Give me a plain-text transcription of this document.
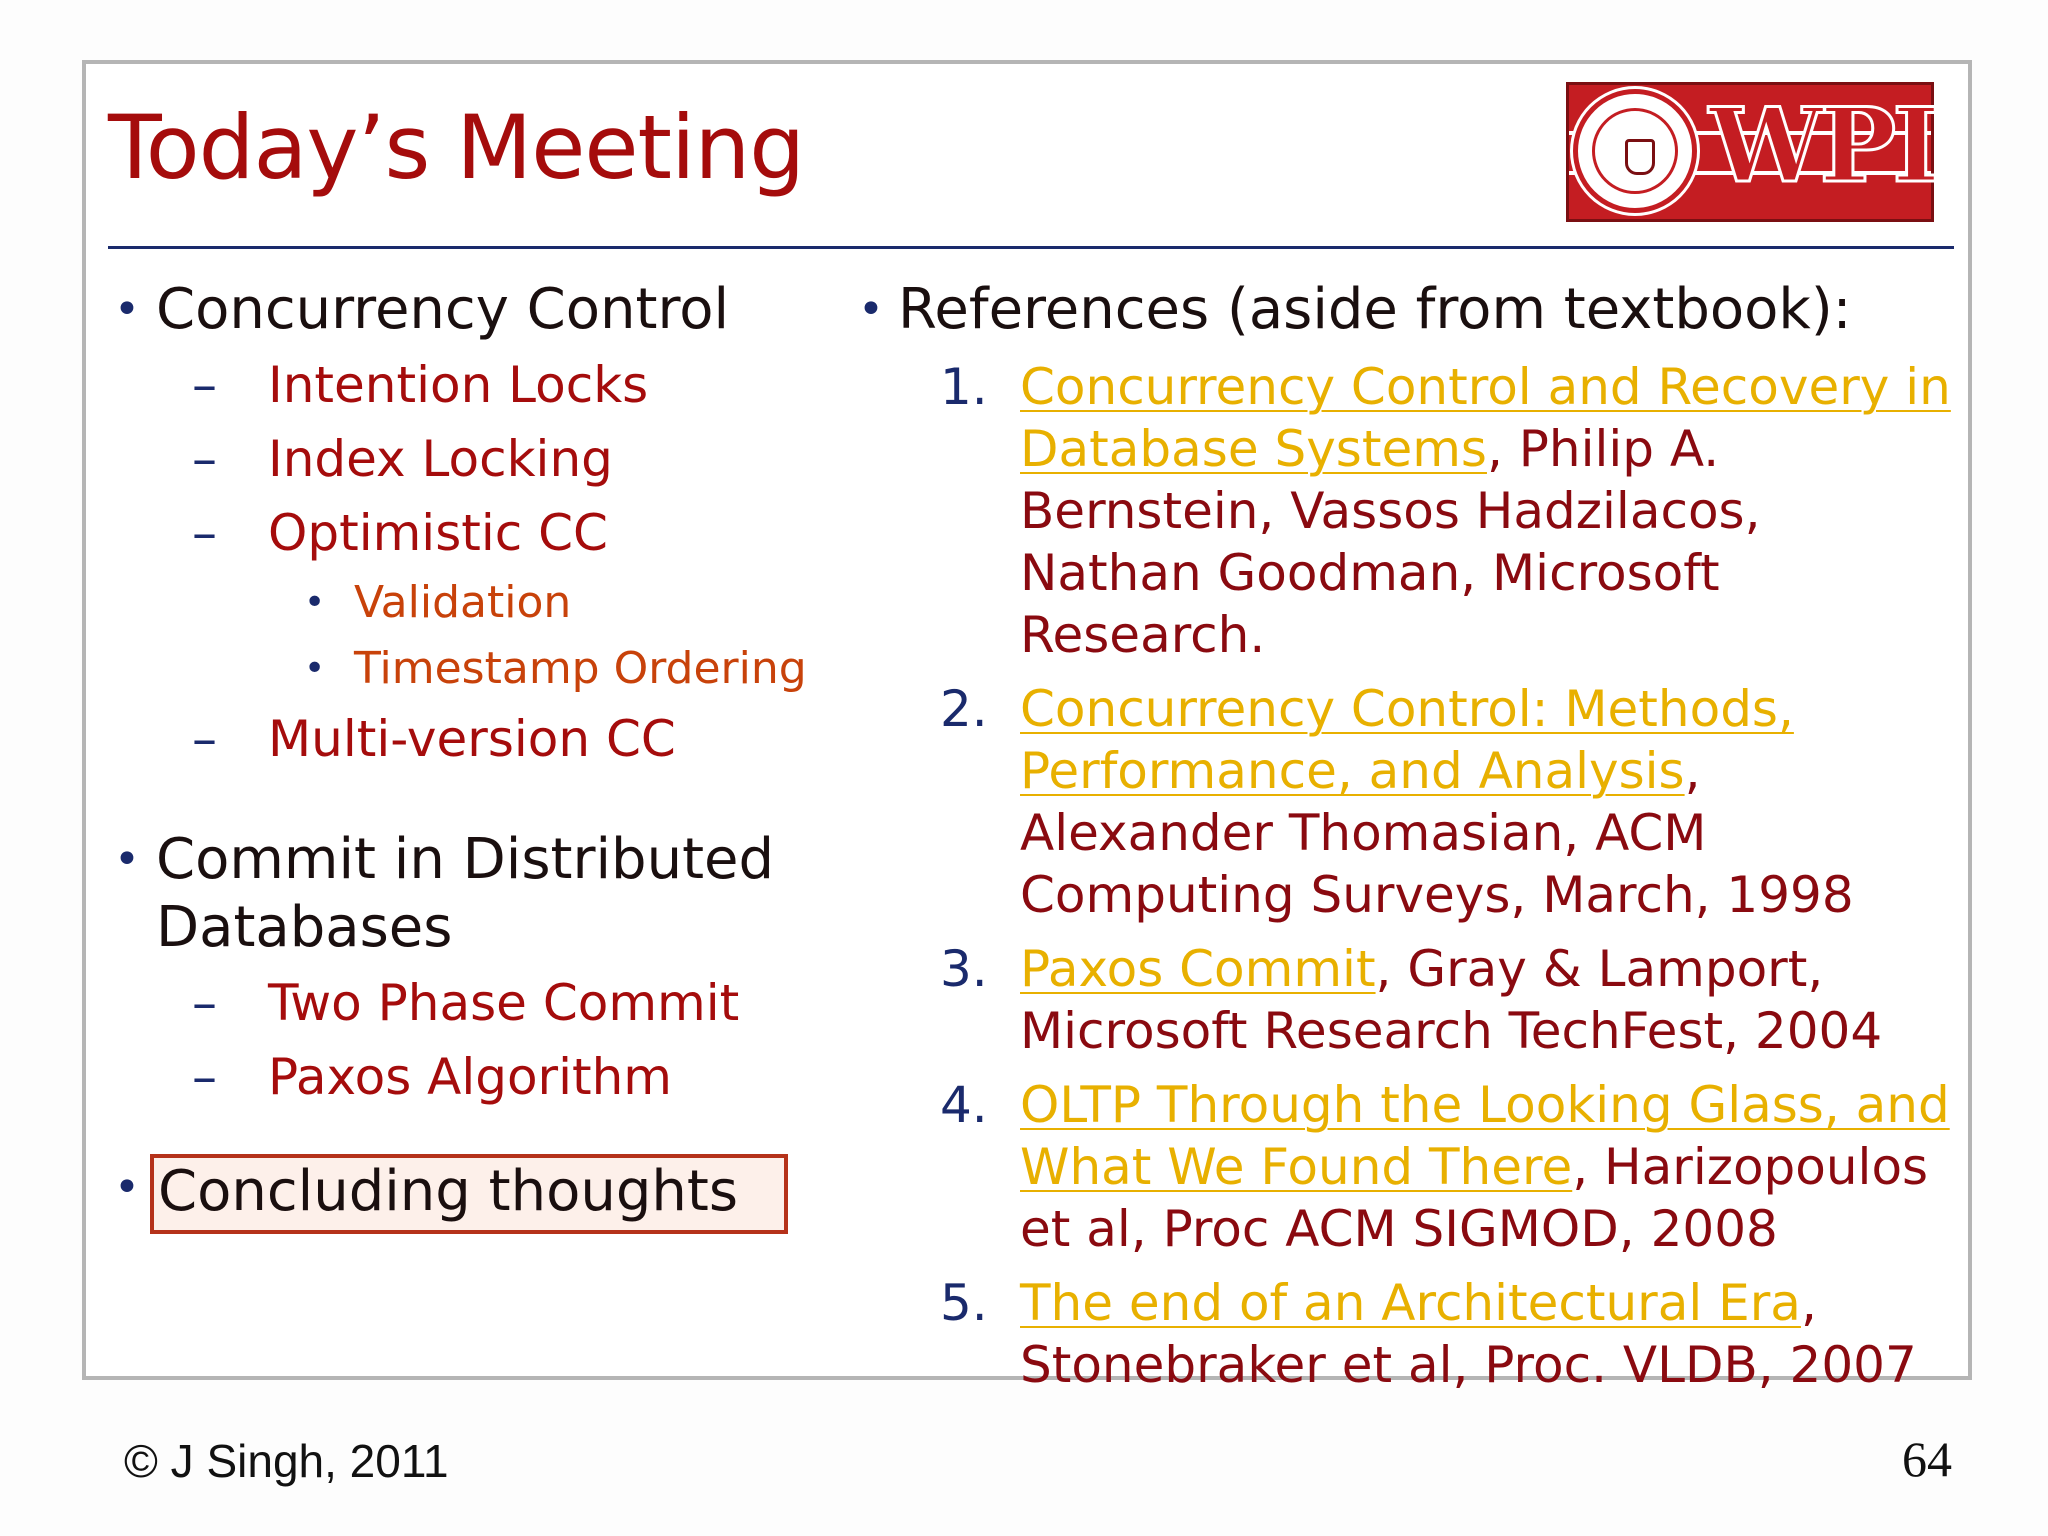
Today’s Meeting	WPI
• Concurrency Control
– Intention Locks
– Index Locking
– Optimistic CC
• Validation
• Timestamp Ordering
– Multi-version CC
• Commit in Distributed Databases
– Two Phase Commit
– Paxos Algorithm
• Concluding thoughts
• References (aside from textbook):
1. Concurrency Control and Recovery in Database Systems, Philip A. Bernstein, Vassos Hadzilacos, Nathan Goodman, Microsoft Research.
2. Concurrency Control: Methods, Performance, and Analysis, Alexander Thomasian, ACM Computing Surveys, March, 1998
3. Paxos Commit, Gray & Lamport, Microsoft Research TechFest, 2004
4. OLTP Through the Looking Glass, and What We Found There, Harizopoulos et al, Proc ACM SIGMOD, 2008
5. The end of an Architectural Era, Stonebraker et al, Proc. VLDB, 2007
© J Singh, 2011	64
